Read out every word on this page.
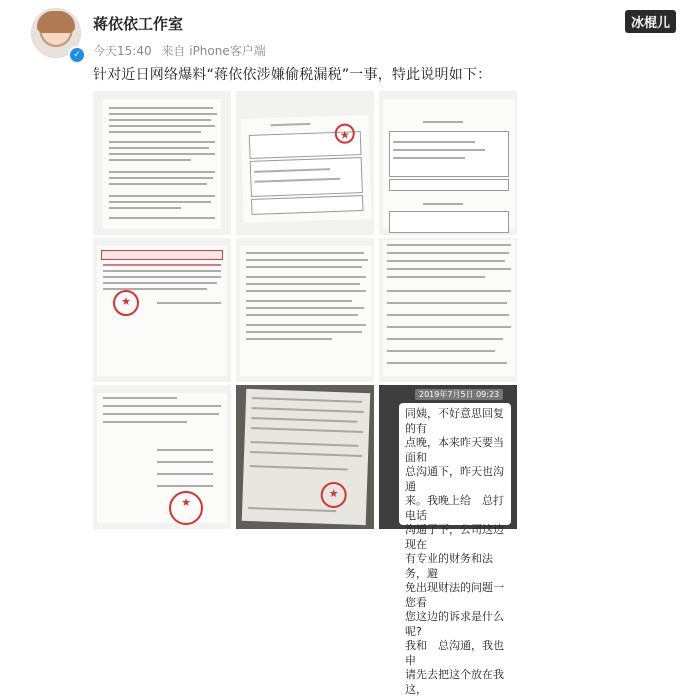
✓
蒋依依工作室
今天15:40 来自 iPhone客户端
冰棍儿
针对近日网络爆料“蒋依依涉嫌偷税漏税”一事，特此说明如下：
★
★
★
★
2019年7月5日 09:23
同姨，不好意思回复的有
点晚，本来昨天要当面和
总沟通下，昨天也沟通
来。我晚上给　总打电话
沟通了下，公司这边现在
有专业的财务和法务，避
免出现财法的问题一您看
您这边的诉求是什么呢?
我和　总沟通，我也申
请先去把这个放在我这，
